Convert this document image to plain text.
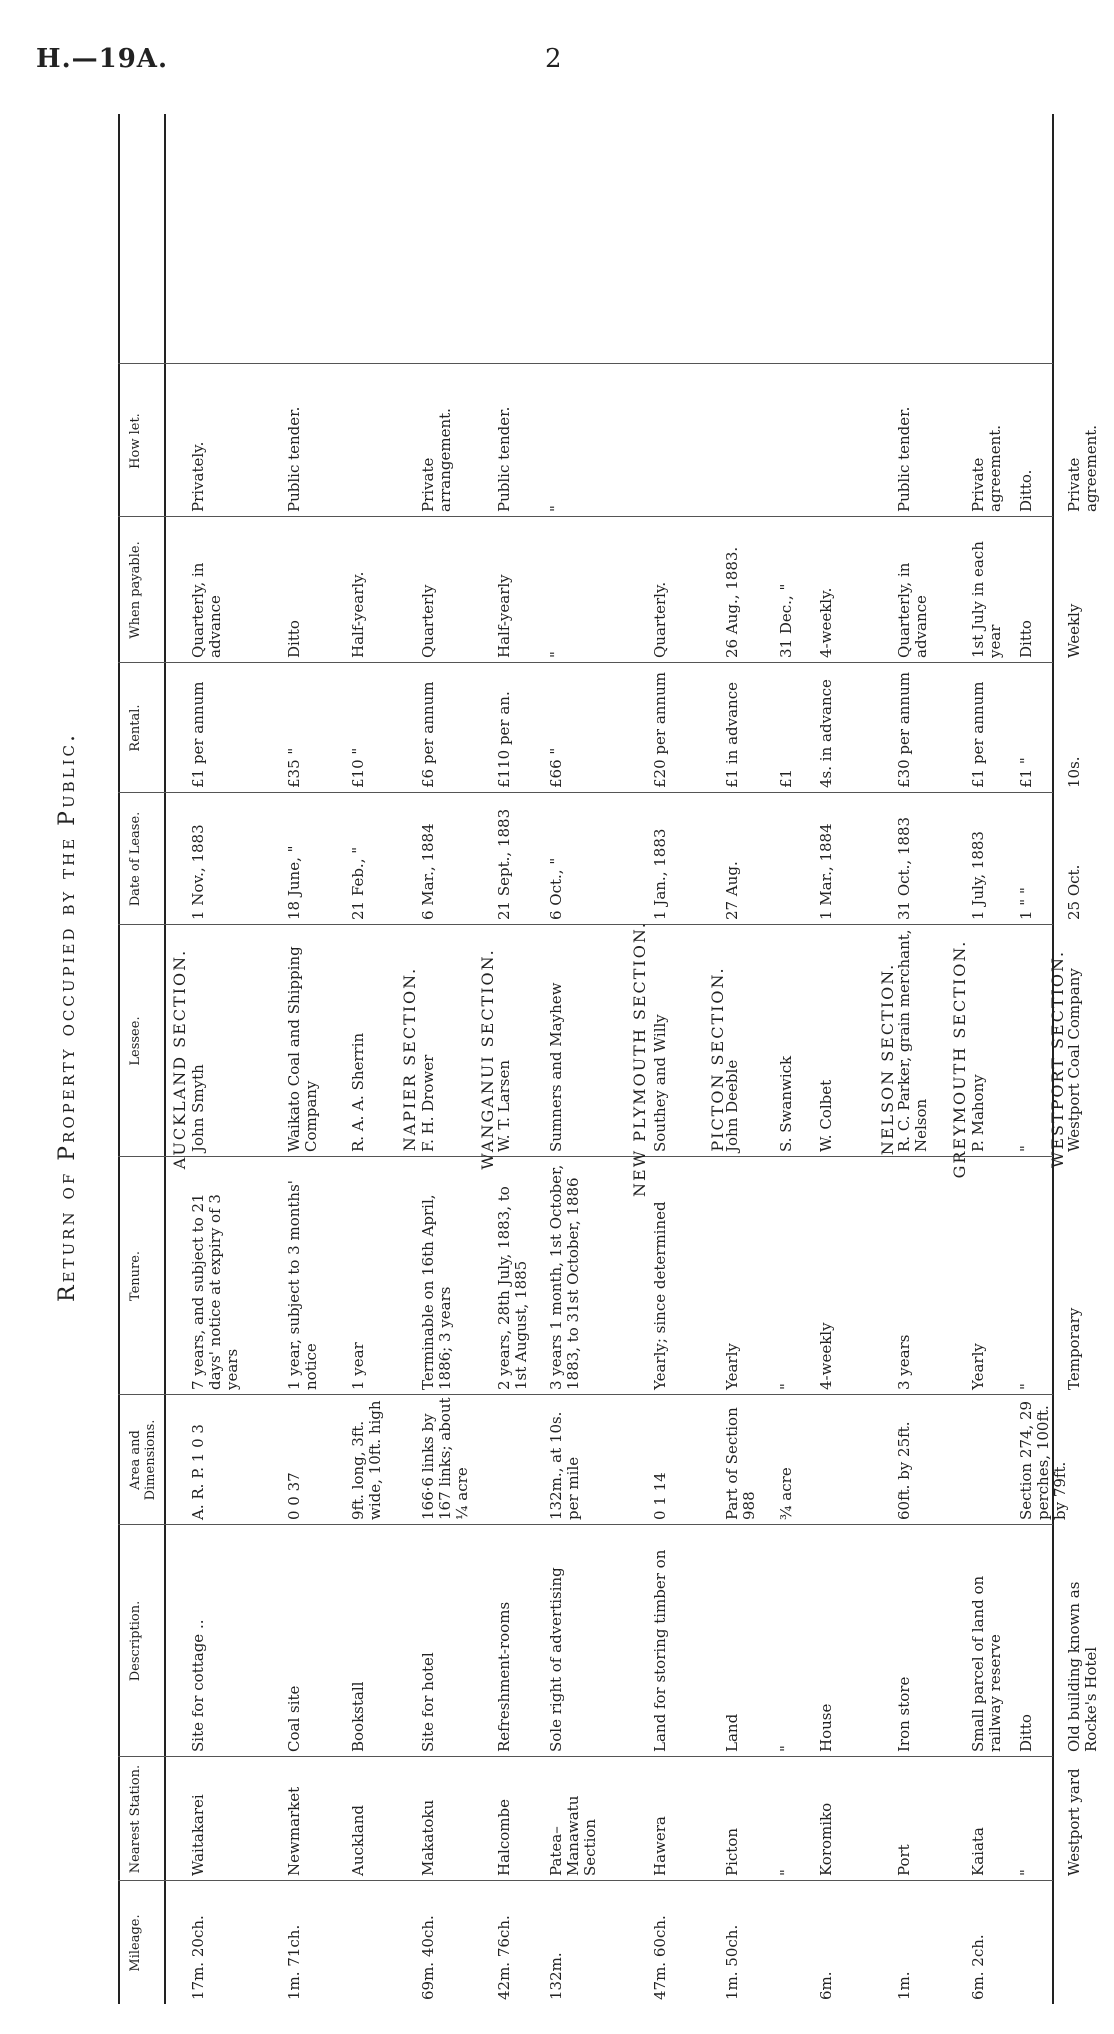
H.—19A.	2
Return of Property occupied by the Public.
Mileage.
Nearest Station.
Description.
Area and Dimensions.
Tenure.
Lessee.
Date of Lease.
Rental.
When payable.
How let.
AUCKLAND SECTION.
17m. 20ch.
Waitakarei
Site for cottage ..
A. R. P. 1 0 3
7 years, and subject to 21 days' notice at expiry of 3 years
John Smyth
1 Nov., 1883
£1 per annum
Quarterly, in advance
Privately.
1m. 71ch.
Newmarket
Coal site
0 0 37
1 year, subject to 3 months' notice
Waikato Coal and Shipping Company
18 June, "
£35 "
Ditto
Public tender.
Auckland
Bookstall
9ft. long, 3ft. wide, 10ft. high
1 year
R. A. A. Sherrin
21 Feb., "
£10 "
Half-yearly.
NAPIER SECTION.
69m. 40ch.
Makatoku
Site for hotel
166·6 links by 167 links; about ¼ acre
Terminable on 16th April, 1886; 3 years
F. H. Drower
6 Mar., 1884
£6 per annum
Quarterly
Private arrangement.
WANGANUI SECTION.
42m. 76ch.
Halcombe
Refreshment-rooms
2 years, 28th July, 1883, to 1st August, 1885
W. T. Larsen
21 Sept., 1883
£110 per an.
Half-yearly
Public tender.
132m.
Patea–Manawatu Section
Sole right of advertising
132m., at 10s. per mile
3 years 1 month, 1st October, 1883, to 31st October, 1886
Sumners and Mayhew
6 Oct., "
£66 "
"
"
NEW PLYMOUTH SECTION.
47m. 60ch.
Hawera
Land for storing timber on
0 1 14
Yearly; since determined
Southey and Willy
1 Jan., 1883
£20 per annum
Quarterly.
PICTON SECTION.
1m. 50ch.
Picton
Land
Part of Section 988
Yearly
John Deeble
27 Aug.
£1 in advance
26 Aug., 1883.
"
"
¾ acre
"
S. Swanwick
£1
31 Dec., "
6m.
Koromiko
House
4-weekly
W. Colbet
1 Mar., 1884
4s. in advance
4-weekly.
NELSON SECTION.
1m.
Port
Iron store
60ft. by 25ft.
3 years
R. C. Parker, grain merchant, Nelson
31 Oct., 1883
£30 per annum
Quarterly, in advance
Public tender.
GREYMOUTH SECTION.
6m. 2ch.
Kaiata
Small parcel of land on railway reserve
Yearly
P. Mahony
1 July, 1883
£1 per annum
1st July in each year
Private agreement.
"
Ditto
Section 274, 29 perches, 100ft. by 79ft.
"
"
1 " "
£1 "
Ditto
Ditto.
WESTPORT SECTION.
Westport yard
Old building known as Rocke's Hotel
Temporary
Westport Coal Company
25 Oct.
10s.
Weekly
Private agreement.
